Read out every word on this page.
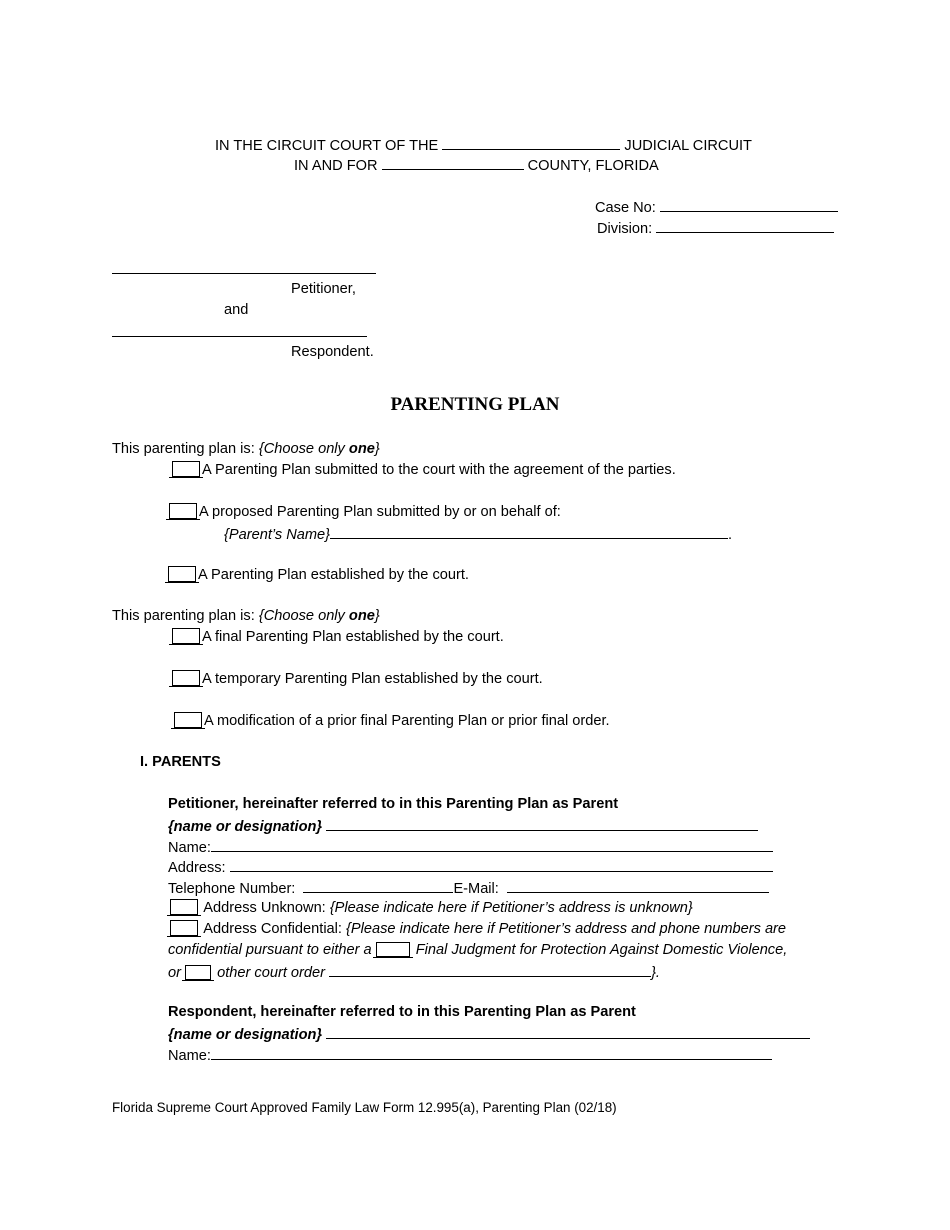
IN THE CIRCUIT COURT OF THE	JUDICIAL CIRCUIT
IN AND FOR	COUNTY, FLORIDA
Case No:
Division:
Petitioner,
and
Respondent.
PARENTING PLAN
This parenting plan is: {Choose only one}
A Parenting Plan submitted to the court with the agreement of the parties.
A proposed Parenting Plan submitted by or on behalf of:
{Parent’s Name}	.
A Parenting Plan established by the court.
This parenting plan is: {Choose only one}
A final Parenting Plan established by the court.
A temporary Parenting Plan established by the court.
A modification of a prior final Parenting Plan or prior final order.
I. PARENTS
Petitioner, hereinafter referred to in this Parenting Plan as Parent
{name or designation}
Name:
Address:
Telephone Number:	E-Mail:
Address Unknown: {Please indicate here if Petitioner’s address is unknown}
Address Confidential: {Please indicate here if Petitioner’s address and phone numbers are
confidential pursuant to either a	Final Judgment for Protection Against Domestic Violence,
or other court order	}.
Respondent, hereinafter referred to in this Parenting Plan as Parent
{name or designation}
Name:
Florida Supreme Court Approved Family Law Form 12.995(a), Parenting Plan (02/18)
